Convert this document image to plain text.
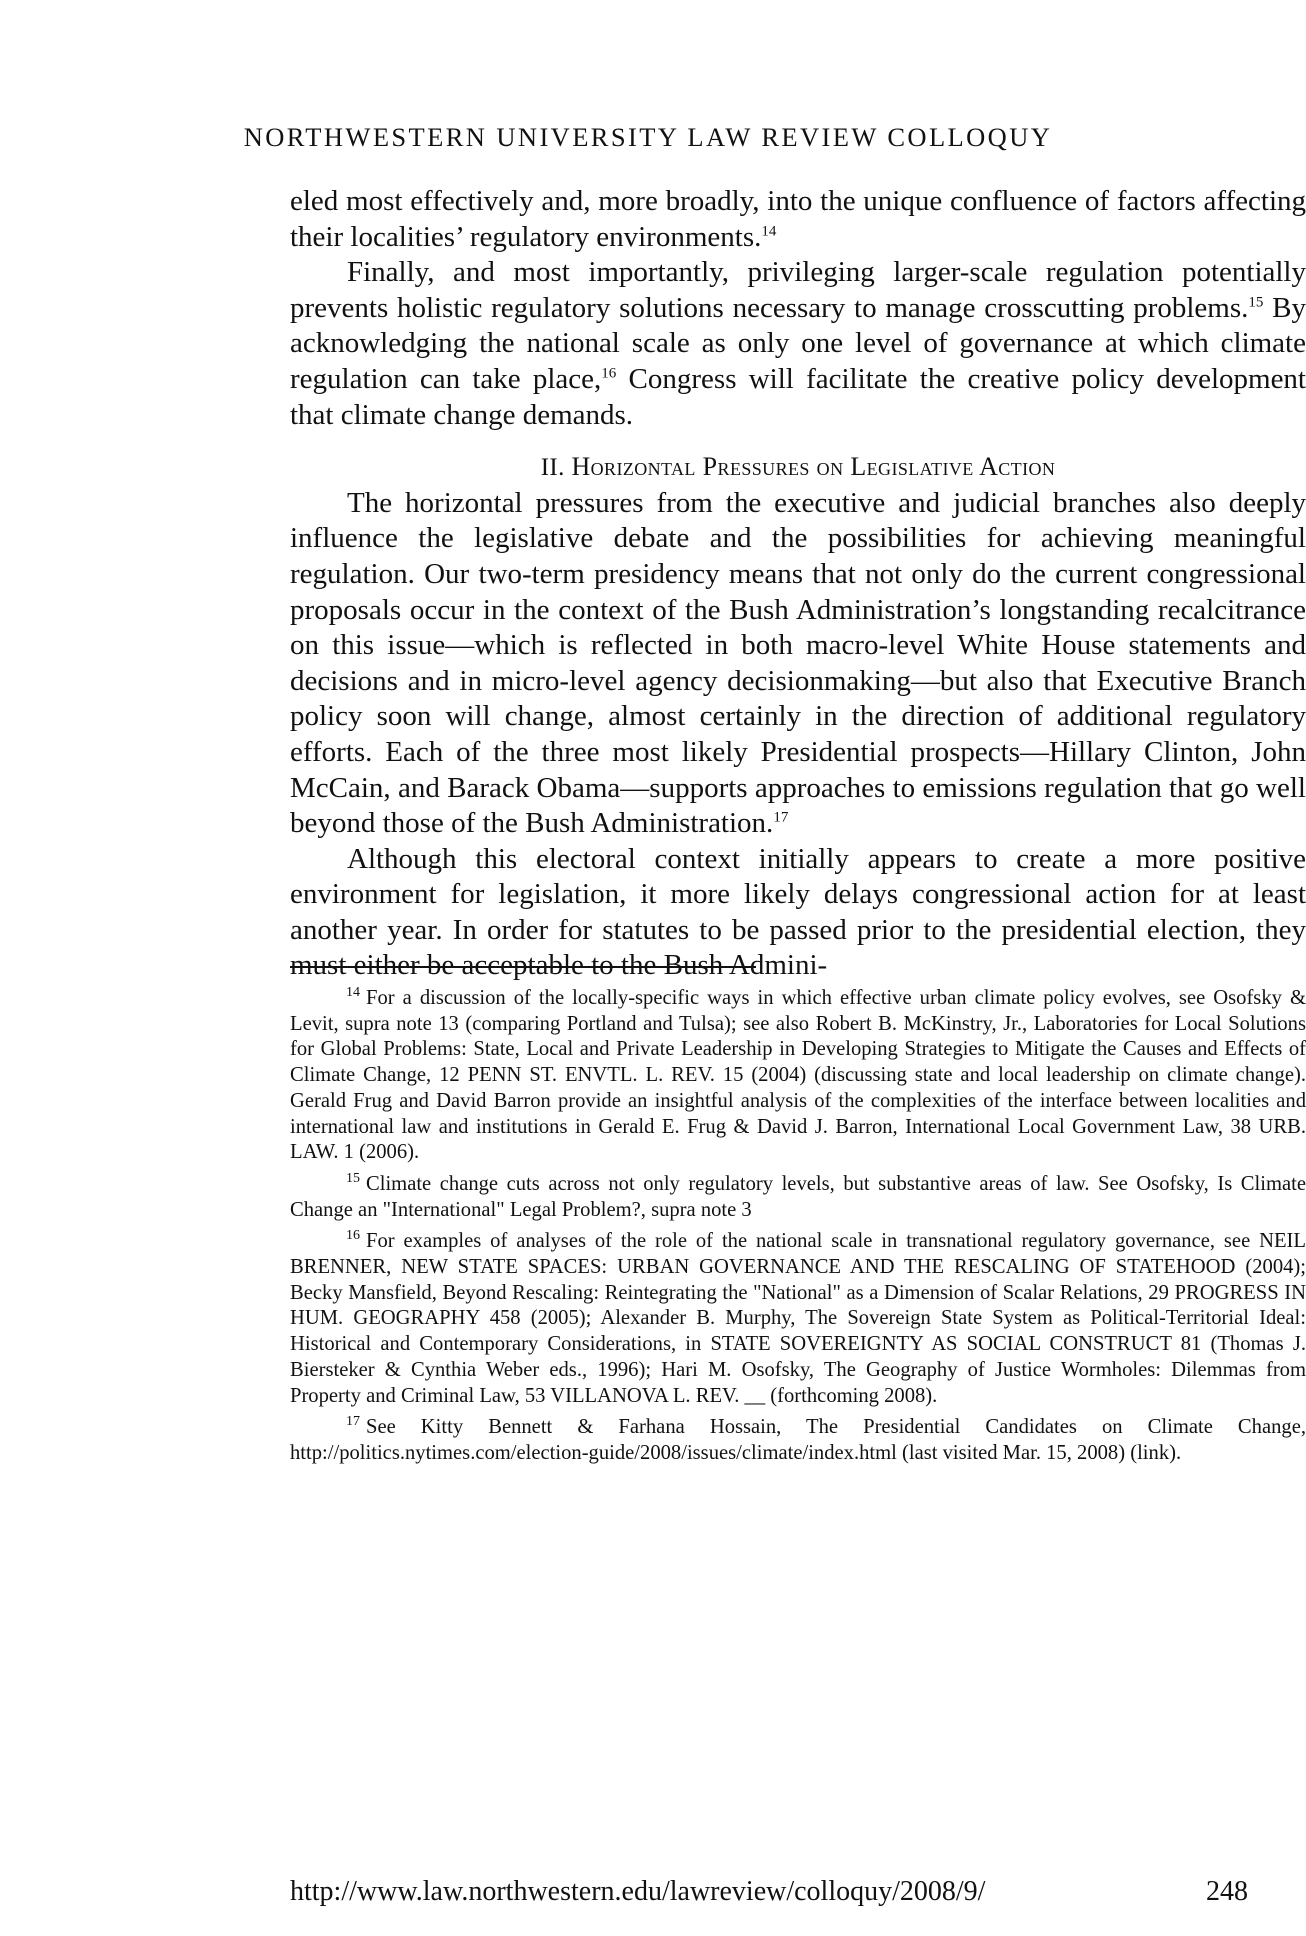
NORTHWESTERN UNIVERSITY LAW REVIEW COLLOQUY

eled most effectively and, more broadly, into the unique confluence of factors affecting their localities’ regulatory environments.$^{14}$

Finally, and most importantly, privileging larger-scale regulation potentially prevents holistic regulatory solutions necessary to manage crosscutting problems.$^{15}$ By acknowledging the national scale as only one level of governance at which climate regulation can take place,$^{16}$ Congress will facilitate the creative policy development that climate change demands.

II. Horizontal Pressures on Legislative Action

The horizontal pressures from the executive and judicial branches also deeply influence the legislative debate and the possibilities for achieving meaningful regulation. Our two-term presidency means that not only do the current congressional proposals occur in the context of the Bush Administration’s longstanding recalcitrance on this issue—which is reflected in both macro-level White House statements and decisions and in micro-level agency decisionmaking—but also that Executive Branch policy soon will change, almost certainly in the direction of additional regulatory efforts. Each of the three most likely Presidential prospects—Hillary Clinton, John McCain, and Barack Obama—supports approaches to emissions regulation that go well beyond those of the Bush Administration.$^{17}$

Although this electoral context initially appears to create a more positive environment for legislation, it more likely delays congressional action for at least another year. In order for statutes to be passed prior to the presidential election, they must either be acceptable to the Bush Admini-

$^{14}$ For a discussion of the locally-specific ways in which effective urban climate policy evolves, see Osofsky & Levit, supra note 13 (comparing Portland and Tulsa); see also Robert B. McKinstry, Jr., Laboratories for Local Solutions for Global Problems: State, Local and Private Leadership in Developing Strategies to Mitigate the Causes and Effects of Climate Change, 12 PENN ST. ENVTL. L. REV. 15 (2004) (discussing state and local leadership on climate change). Gerald Frug and David Barron provide an insightful analysis of the complexities of the interface between localities and international law and institutions in Gerald E. Frug & David J. Barron, International Local Government Law, 38 URB. LAW. 1 (2006).

$^{15}$ Climate change cuts across not only regulatory levels, but substantive areas of law. See Osofsky, Is Climate Change an "International" Legal Problem?, supra note 3

$^{16}$ For examples of analyses of the role of the national scale in transnational regulatory governance, see NEIL BRENNER, NEW STATE SPACES: URBAN GOVERNANCE AND THE RESCALING OF STATEHOOD (2004); Becky Mansfield, Beyond Rescaling: Reintegrating the "National" as a Dimension of Scalar Relations, 29 PROGRESS IN HUM. GEOGRAPHY 458 (2005); Alexander B. Murphy, The Sovereign State System as Political-Territorial Ideal: Historical and Contemporary Considerations, in STATE SOVEREIGNTY AS SOCIAL CONSTRUCT 81 (Thomas J. Biersteker & Cynthia Weber eds., 1996); Hari M. Osofsky, The Geography of Justice Wormholes: Dilemmas from Property and Criminal Law, 53 VILLANOVA L. REV. __ (forthcoming 2008).

$^{17}$ See Kitty Bennett & Farhana Hossain, The Presidential Candidates on Climate Change, http://politics.nytimes.com/election-guide/2008/issues/climate/index.html (last visited Mar. 15, 2008) (link).

http://www.law.northwestern.edu/lawreview/colloquy/2008/9/	248
